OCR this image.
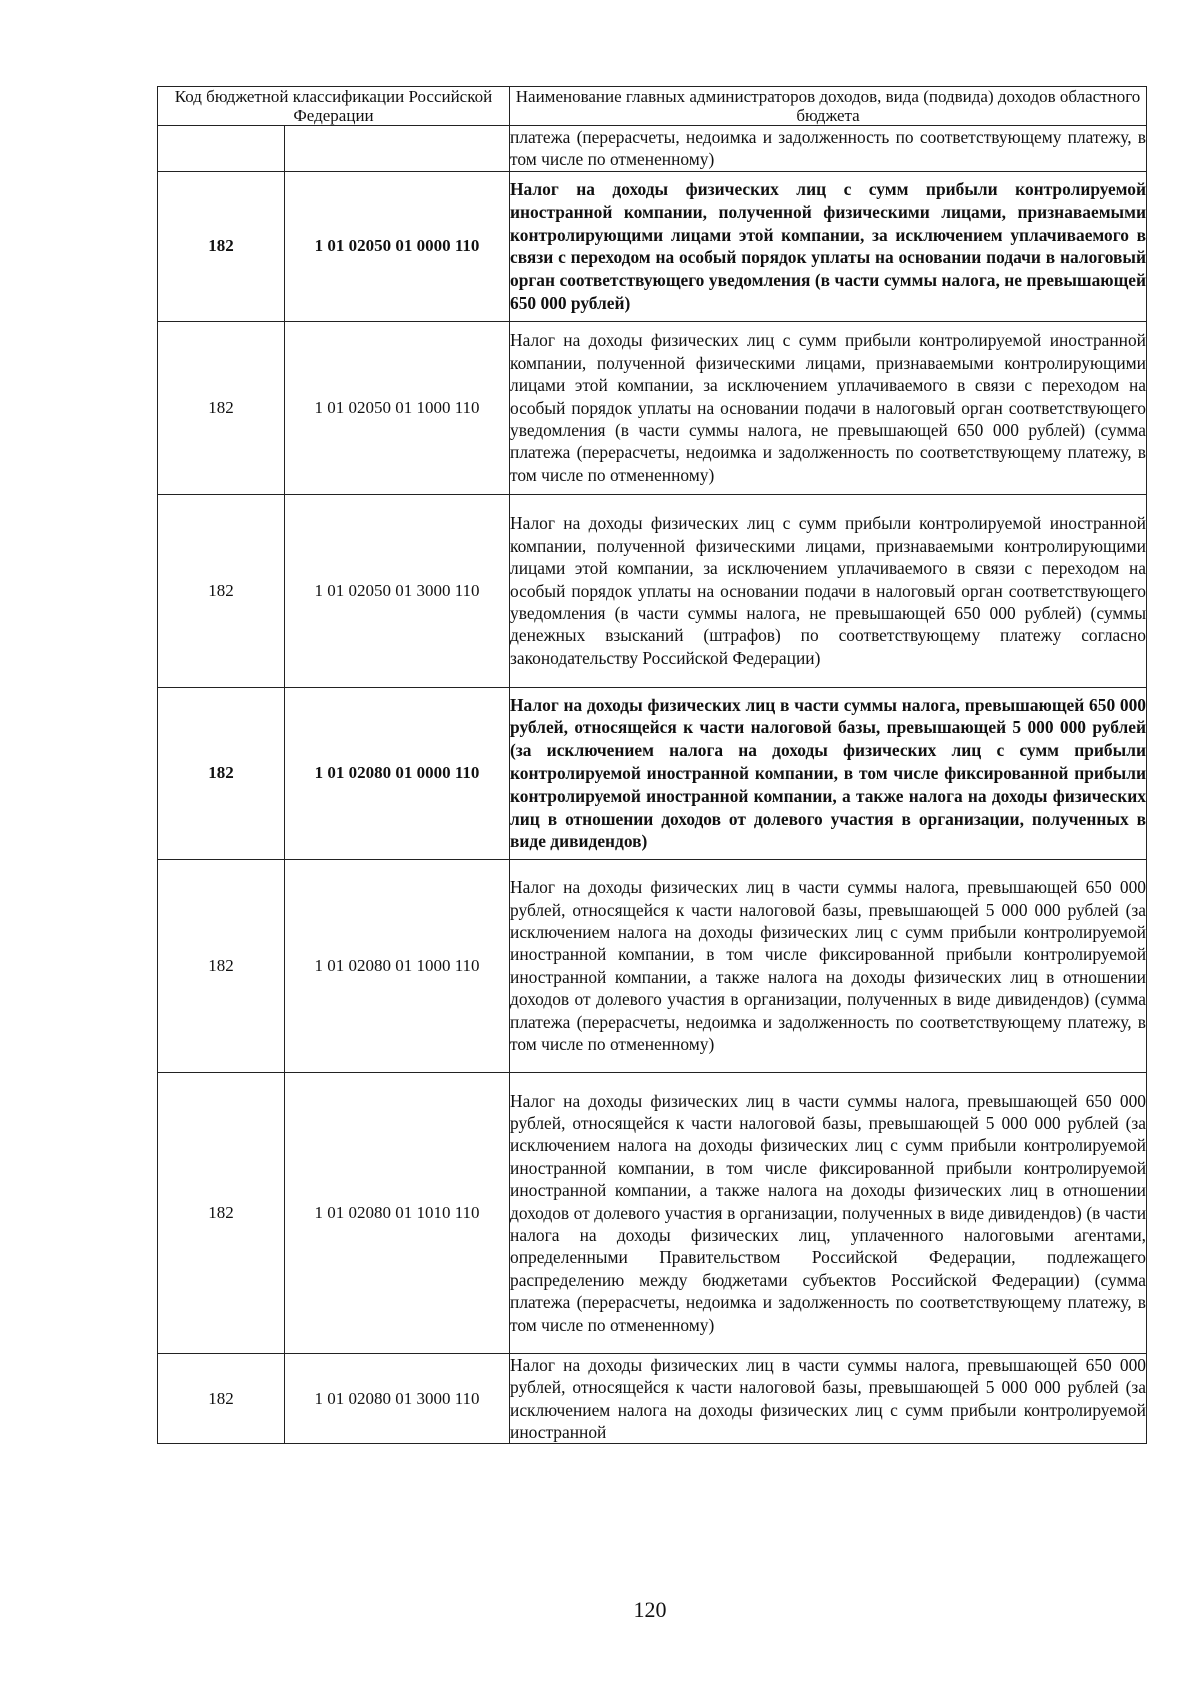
Код бюджетной классификации Российской Федерации		Наименование главных администраторов доходов, вида (подвида) доходов областного бюджета
		платежа (перерасчеты, недоимка и задолженность по соответствующему платежу, в том числе по отмененному)
182	1 01 02050 01 0000 110	Налог на доходы физических лиц с сумм прибыли контролируемой иностранной компании, полученной физическими лицами, признаваемыми контролирующими лицами этой компании, за исключением уплачиваемого в связи с переходом на особый порядок уплаты на основании подачи в налоговый орган соответствующего уведомления (в части суммы налога, не превышающей 650 000 рублей)
182	1 01 02050 01 1000 110	Налог на доходы физических лиц с сумм прибыли контролируемой иностранной компании, полученной физическими лицами, признаваемыми контролирующими лицами этой компании, за исключением уплачиваемого в связи с переходом на особый порядок уплаты на основании подачи в налоговый орган соответствующего уведомления (в части суммы налога, не превышающей 650 000 рублей) (сумма платежа (перерасчеты, недоимка и задолженность по соответствующему платежу, в том числе по отмененному)
182	1 01 02050 01 3000 110	Налог на доходы физических лиц с сумм прибыли контролируемой иностранной компании, полученной физическими лицами, признаваемыми контролирующими лицами этой компании, за исключением уплачиваемого в связи с переходом на особый порядок уплаты на основании подачи в налоговый орган соответствующего уведомления (в части суммы налога, не превышающей 650 000 рублей) (суммы денежных взысканий (штрафов) по соответствующему платежу согласно законодательству Российской Федерации)
182	1 01 02080 01 0000 110	Налог на доходы физических лиц в части суммы налога, превышающей 650 000 рублей, относящейся к части налоговой базы, превышающей 5 000 000 рублей (за исключением налога на доходы физических лиц с сумм прибыли контролируемой иностранной компании, в том числе фиксированной прибыли контролируемой иностранной компании, а также налога на доходы физических лиц в отношении доходов от долевого участия в организации, полученных в виде дивидендов)
182	1 01 02080 01 1000 110	Налог на доходы физических лиц в части суммы налога, превышающей 650 000 рублей, относящейся к части налоговой базы, превышающей 5 000 000 рублей (за исключением налога на доходы физических лиц с сумм прибыли контролируемой иностранной компании, в том числе фиксированной прибыли контролируемой иностранной компании, а также налога на доходы физических лиц в отношении доходов от долевого участия в организации, полученных в виде дивидендов) (сумма платежа (перерасчеты, недоимка и задолженность по соответствующему платежу, в том числе по отмененному)
182	1 01 02080 01 1010 110	Налог на доходы физических лиц в части суммы налога, превышающей 650 000 рублей, относящейся к части налоговой базы, превышающей 5 000 000 рублей (за исключением налога на доходы физических лиц с сумм прибыли контролируемой иностранной компании, в том числе фиксированной прибыли контролируемой иностранной компании, а также налога на доходы физических лиц в отношении доходов от долевого участия в организации, полученных в виде дивидендов) (в части налога на доходы физических лиц, уплаченного налоговыми агентами, определенными Правительством Российской Федерации, подлежащего распределению между бюджетами субъектов Российской Федерации) (сумма платежа (перерасчеты, недоимка и задолженность по соответствующему платежу, в том числе по отмененному)
182	1 01 02080 01 3000 110	Налог на доходы физических лиц в части суммы налога, превышающей 650 000 рублей, относящейся к части налоговой базы, превышающей 5 000 000 рублей (за исключением налога на доходы физических лиц с сумм прибыли контролируемой иностранной
120
